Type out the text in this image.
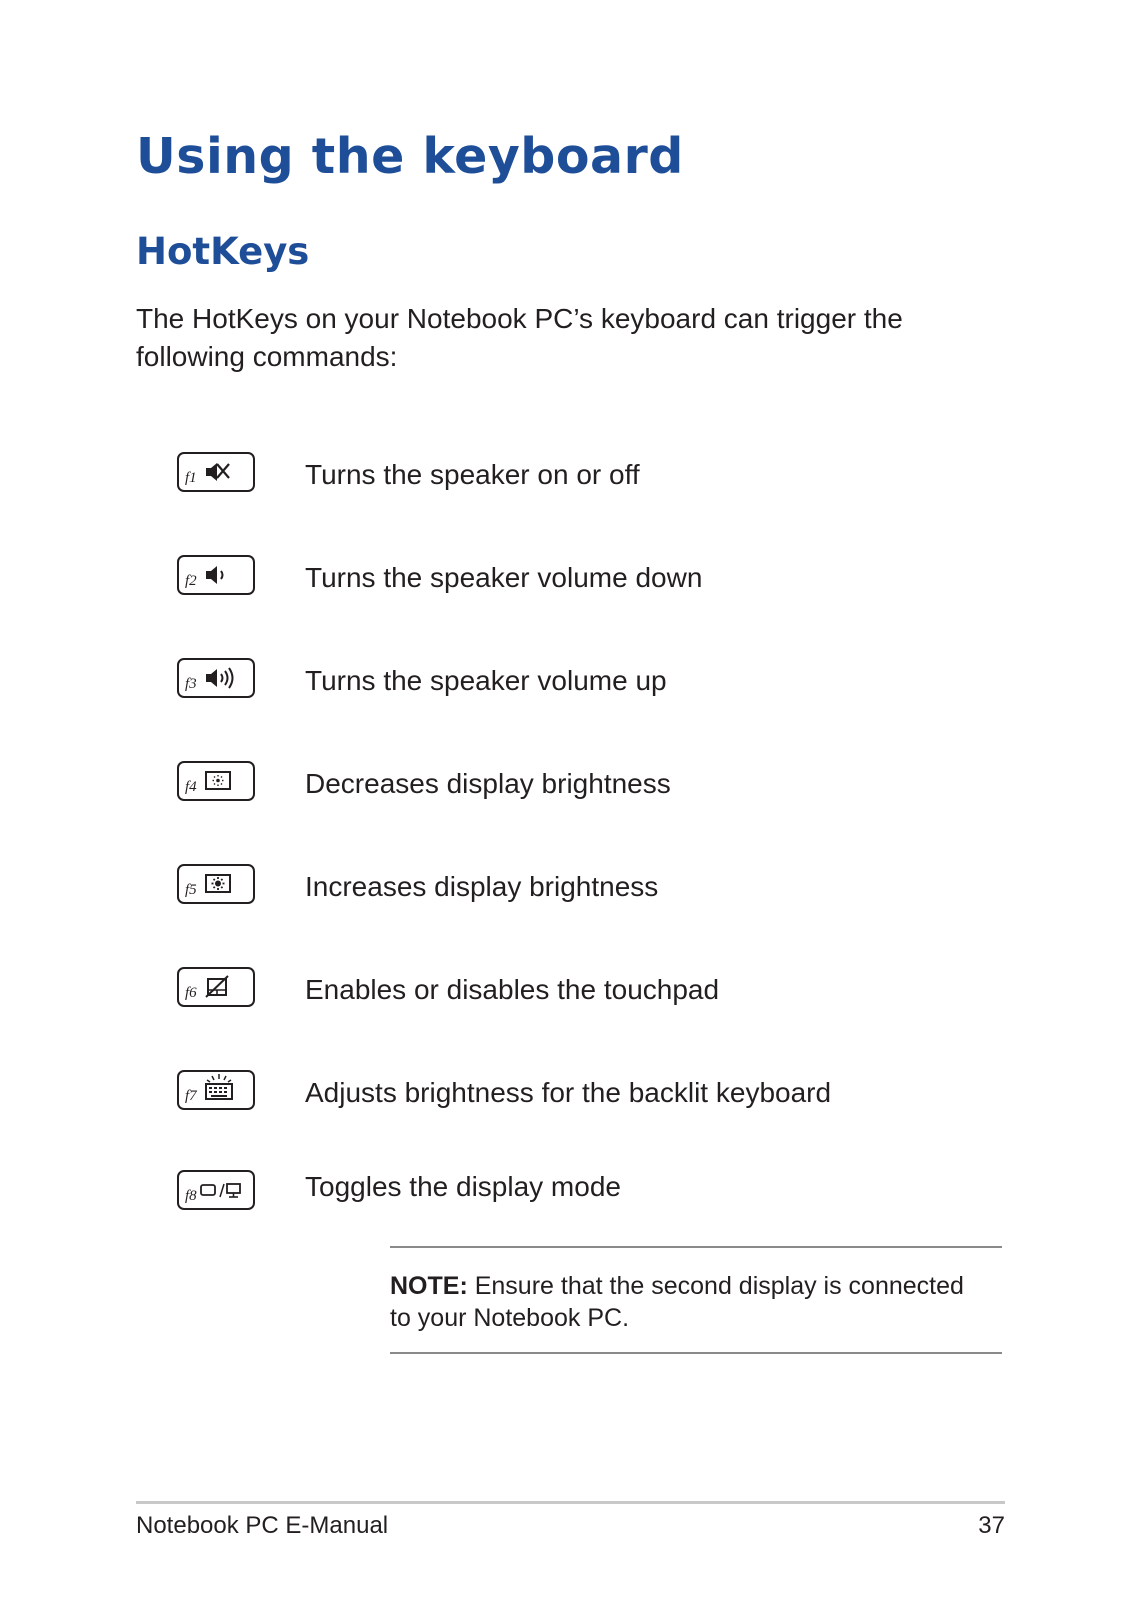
Using the keyboard
HotKeys

The HotKeys on your Notebook PC’s keyboard can trigger the following commands:

f1	Turns the speaker on or off
f2	Turns the speaker volume down
f3	Turns the speaker volume up
f4	Decreases display brightness
f5	Increases display brightness
f6	Enables or disables the touchpad
f7	Adjusts brightness for the backlit keyboard
f8	Toggles the display mode

NOTE: Ensure that the second display is connected to your Notebook PC.

Notebook PC E-Manual	37
